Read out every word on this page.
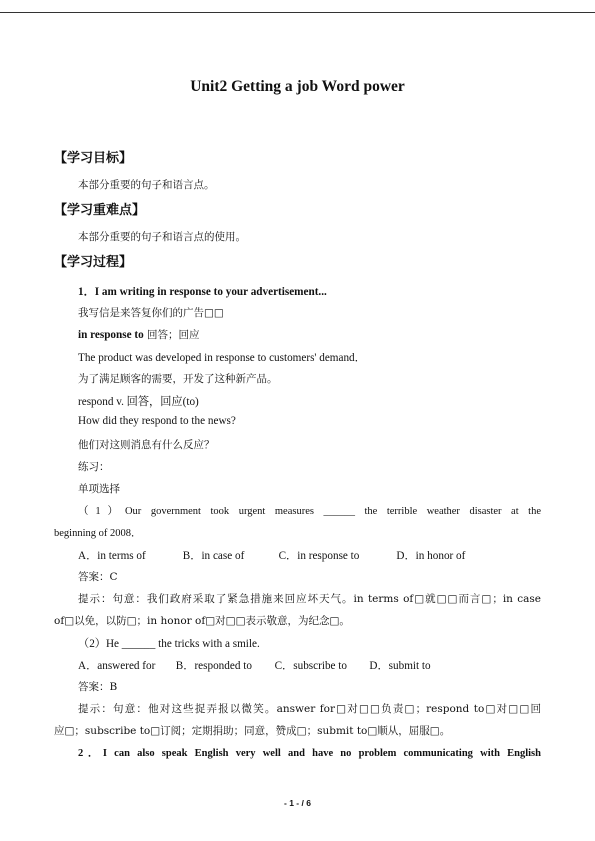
Unit2 Getting a job Word power
【学习目标】
本部分重要的句子和语言点。
【学习重难点】
本部分重要的句子和语言点的使用。
【学习过程】
1．I am writing in response to your advertisement...
我写信是来答复你们的广告□□
in response to 回答；回应
The product was developed in response to customers' demand．
为了满足顾客的需要，开发了这种新产品。
respond v. 回答，回应(to)
How did they respond to the news?
他们对这则消息有什么反应？
练习：
单项选择
（1）Our government took urgent measures ______ the terrible weather disaster at the
beginning of 2008．
A．in terms of	B．in case of	C．in response to	D．in honor of
答案：C
提示：句意：我们政府采取了紧急措施来回应坏天气。in terms of□就□□而言□；in case
of□以免，以防□；in honor of□对□□表示敬意，为纪念□。
（2）He ______ the tricks with a smile.
A．answered for B．responded to C．subscribe to D．submit to
答案：B
提示：句意：他对这些捉弄报以微笑。answer for□对□□负责□；respond to□对□□回
应□；subscribe to□订阅；定期捐助；同意，赞成□；submit to□顺从，屈服□。
2．I can also speak English very well and have no problem communicating with English
- 1 - / 6
